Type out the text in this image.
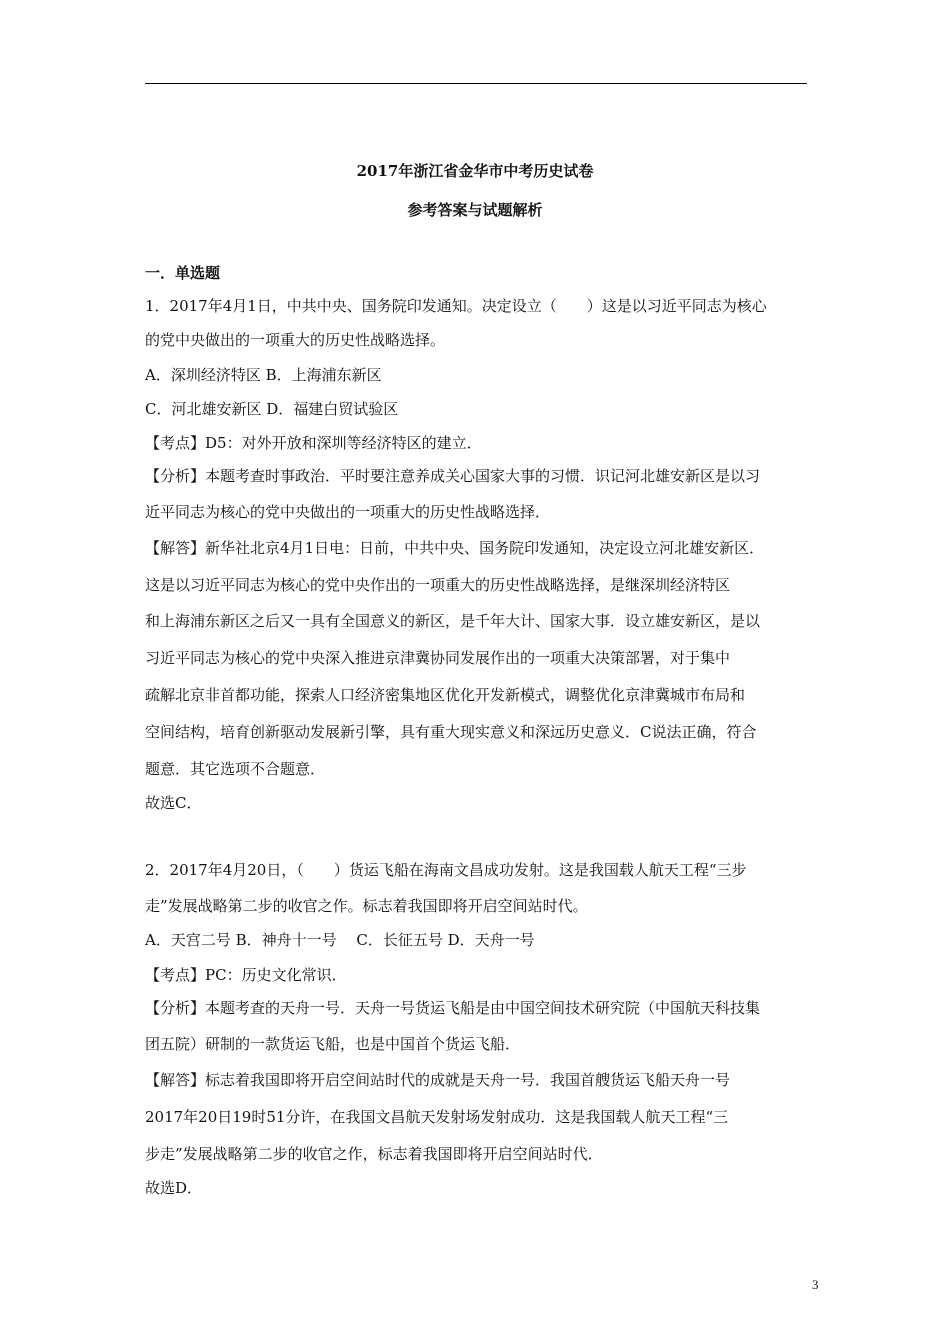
2017年浙江省金华市中考历史试卷
参考答案与试题解析
一．单选题
1．2017年4月1日，中共中央、国务院印发通知。决定设立（　　）这是以习近平同志为核心
的党中央做出的一项重大的历史性战略选择。
A．深圳经济特区 B．上海浦东新区
C．河北雄安新区 D．福建白贸试验区
【考点】D5：对外开放和深圳等经济特区的建立．
【分析】本题考查时事政治．平时要注意养成关心国家大事的习惯．识记河北雄安新区是以习
近平同志为核心的党中央做出的一项重大的历史性战略选择．
【解答】新华社北京4月1日电：日前，中共中央、国务院印发通知，决定设立河北雄安新区．
这是以习近平同志为核心的党中央作出的一项重大的历史性战略选择，是继深圳经济特区
和上海浦东新区之后又一具有全国意义的新区，是千年大计、国家大事．设立雄安新区，是以
习近平同志为核心的党中央深入推进京津冀协同发展作出的一项重大决策部署，对于集中
疏解北京非首都功能，探索人口经济密集地区优化开发新模式，调整优化京津冀城市布局和
空间结构，培育创新驱动发展新引擎，具有重大现实意义和深远历史意义．C说法正确，符合
题意．其它选项不合题意．
故选C．
2．2017年4月20日，（　　）货运飞船在海南文昌成功发射。这是我国载人航天工程“三步
走”发展战略第二步的收官之作。标志着我国即将开启空间站时代。
A．天宫二号 B．神舟十一号　 C．长征五号 D．天舟一号
【考点】PC：历史文化常识．
【分析】本题考查的天舟一号．天舟一号货运飞船是由中国空间技术研究院（中国航天科技集
团五院）研制的一款货运飞船，也是中国首个货运飞船．
【解答】标志着我国即将开启空间站时代的成就是天舟一号．我国首艘货运飞船天舟一号
2017年20日19时51分许，在我国文昌航天发射场发射成功．这是我国载人航天工程“三
步走”发展战略第二步的收官之作，标志着我国即将开启空间站时代．
故选D．
3
